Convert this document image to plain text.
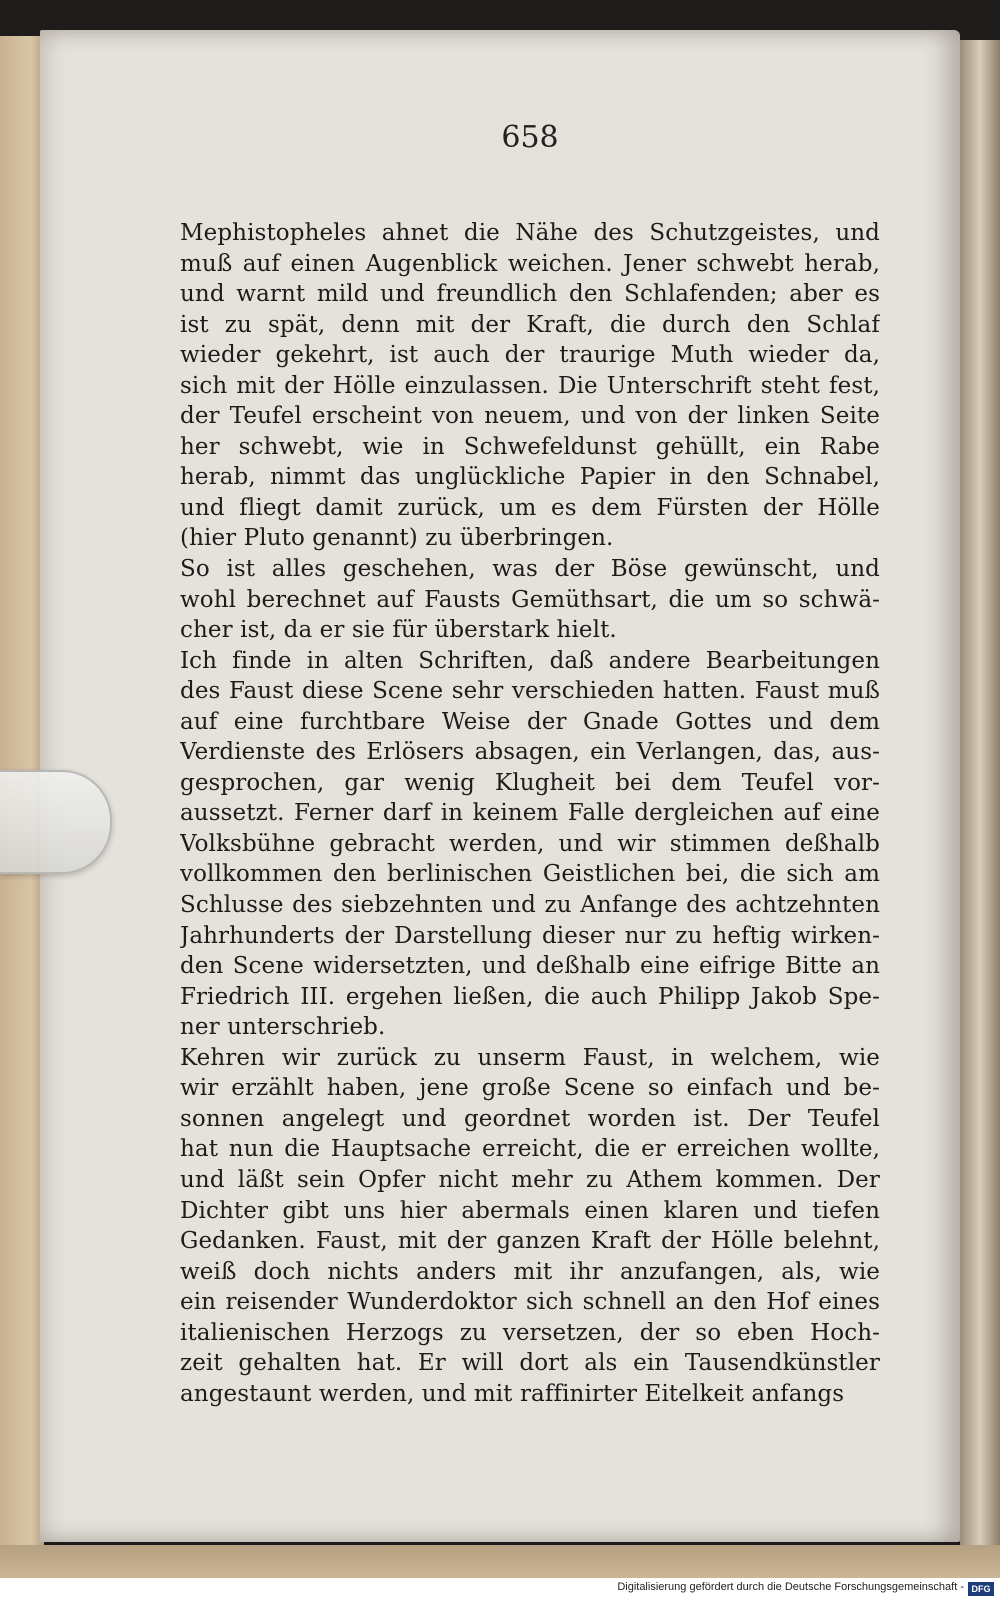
658
Mephistopheles ahnet die Nähe des Schutzgeistes, und
muß auf einen Augenblick weichen. Jener schwebt herab,
und warnt mild und freundlich den Schlafenden; aber es
ist zu spät, denn mit der Kraft, die durch den Schlaf
wieder gekehrt, ist auch der traurige Muth wieder da,
sich mit der Hölle einzulassen. Die Unterschrift steht fest,
der Teufel erscheint von neuem, und von der linken Seite
her schwebt, wie in Schwefeldunst gehüllt, ein Rabe
herab, nimmt das unglückliche Papier in den Schnabel,
und fliegt damit zurück, um es dem Fürsten der Hölle
(hier Pluto genannt) zu überbringen.
So ist alles geschehen, was der Böse gewünscht, und
wohl berechnet auf Fausts Gemüthsart, die um so schwä-
cher ist, da er sie für überstark hielt.
Ich finde in alten Schriften, daß andere Bearbeitungen
des Faust diese Scene sehr verschieden hatten. Faust muß
auf eine furchtbare Weise der Gnade Gottes und dem
Verdienste des Erlösers absagen, ein Verlangen, das, aus-
gesprochen, gar wenig Klugheit bei dem Teufel vor-
aussetzt. Ferner darf in keinem Falle dergleichen auf eine
Volksbühne gebracht werden, und wir stimmen deßhalb
vollkommen den berlinischen Geistlichen bei, die sich am
Schlusse des siebzehnten und zu Anfange des achtzehnten
Jahrhunderts der Darstellung dieser nur zu heftig wirken-
den Scene widersetzten, und deßhalb eine eifrige Bitte an
Friedrich III. ergehen ließen, die auch Philipp Jakob Spe-
ner unterschrieb.
Kehren wir zurück zu unserm Faust, in welchem, wie
wir erzählt haben, jene große Scene so einfach und be-
sonnen angelegt und geordnet worden ist. Der Teufel
hat nun die Hauptsache erreicht, die er erreichen wollte,
und läßt sein Opfer nicht mehr zu Athem kommen. Der
Dichter gibt uns hier abermals einen klaren und tiefen
Gedanken. Faust, mit der ganzen Kraft der Hölle belehnt,
weiß doch nichts anders mit ihr anzufangen, als, wie
ein reisender Wunderdoktor sich schnell an den Hof eines
italienischen Herzogs zu versetzen, der so eben Hoch-
zeit gehalten hat. Er will dort als ein Tausendkünstler
angestaunt werden, und mit raffinirter Eitelkeit anfangs
Digitalisierung gefördert durch die Deutsche Forschungsgemeinschaft - DFG
